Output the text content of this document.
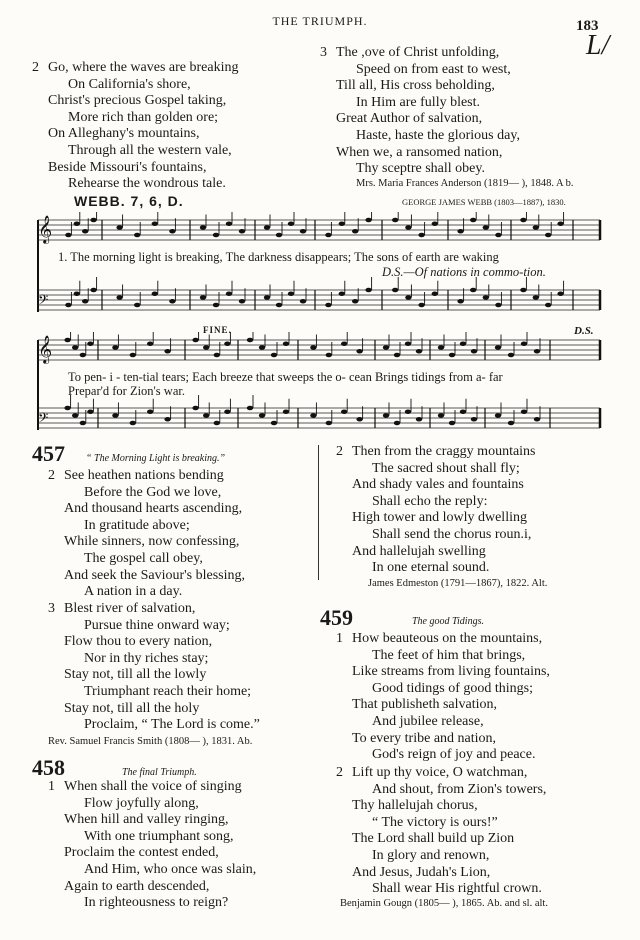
THE TRIUMPH.	183
L/
2 Go, where the waves are breaking
On California's shore,
Christ's precious Gospel taking,
More rich than golden ore;
On Alleghany's mountains,
Through all the western vale,
Beside Missouri's fountains,
Rehearse the wondrous tale.
3 The ,ove of Christ unfolding,
Speed on from east to west,
Till all, His cross beholding,
In Him are fully blest.
Great Author of salvation,
Haste, haste the glorious day,
When we, a ransomed nation,
Thy sceptre shall obey.
Mrs. Maria Frances Anderson (1819— ), 1848. A b.
WEBB. 7, 6, D.	GEORGE JAMES WEBB (1803—1887), 1830.
𝄞
𝄢
1. The morning light is breaking, The darkness disappears; The sons of earth are waking
D.S.—Of nations in commo-tion.
FINE.	D.S.
𝄞
𝄢
To pen- i - ten-tial tears; Each breeze that sweeps the o- cean Brings tidings from a- far
Prepar'd for Zion's war.
457 “ The Morning Light is breaking.”
2 See heathen nations bending
Before the God we love,
And thousand hearts ascending,
In gratitude above;
While sinners, now confessing,
The gospel call obey,
And seek the Saviour's blessing,
A nation in a day.
3 Blest river of salvation,
Pursue thine onward way;
Flow thou to every nation,
Nor in thy riches stay;
Stay not, till all the lowly
Triumphant reach their home;
Stay not, till all the holy
Proclaim, “ The Lord is come.”
Rev. Samuel Francis Smith (1808— ), 1831. Ab.
458	The final Triumph.
1 When shall the voice of singing
Flow joyfully along,
When hill and valley ringing,
With one triumphant song,
Proclaim the contest ended,
And Him, who once was slain,
Again to earth descended,
In righteousness to reign?
2 Then from the craggy mountains
The sacred shout shall fly;
And shady vales and fountains
Shall echo the reply:
High tower and lowly dwelling
Shall send the chorus roun.i,
And hallelujah swelling
In one eternal sound.
James Edmeston (1791—1867), 1822. Alt.
459	The good Tidings.
1 How beauteous on the mountains,
The feet of him that brings,
Like streams from living fountains,
Good tidings of good things;
That publisheth salvation,
And jubilee release,
To every tribe and nation,
God's reign of joy and peace.
2 Lift up thy voice, O watchman,
And shout, from Zion's towers,
Thy hallelujah chorus,
“ The victory is ours!”
The Lord shall build up Zion
In glory and renown,
And Jesus, Judah's Lion,
Shall wear His rightful crown.
Benjamin Gougn (1805— ), 1865. Ab. and sl. alt.
